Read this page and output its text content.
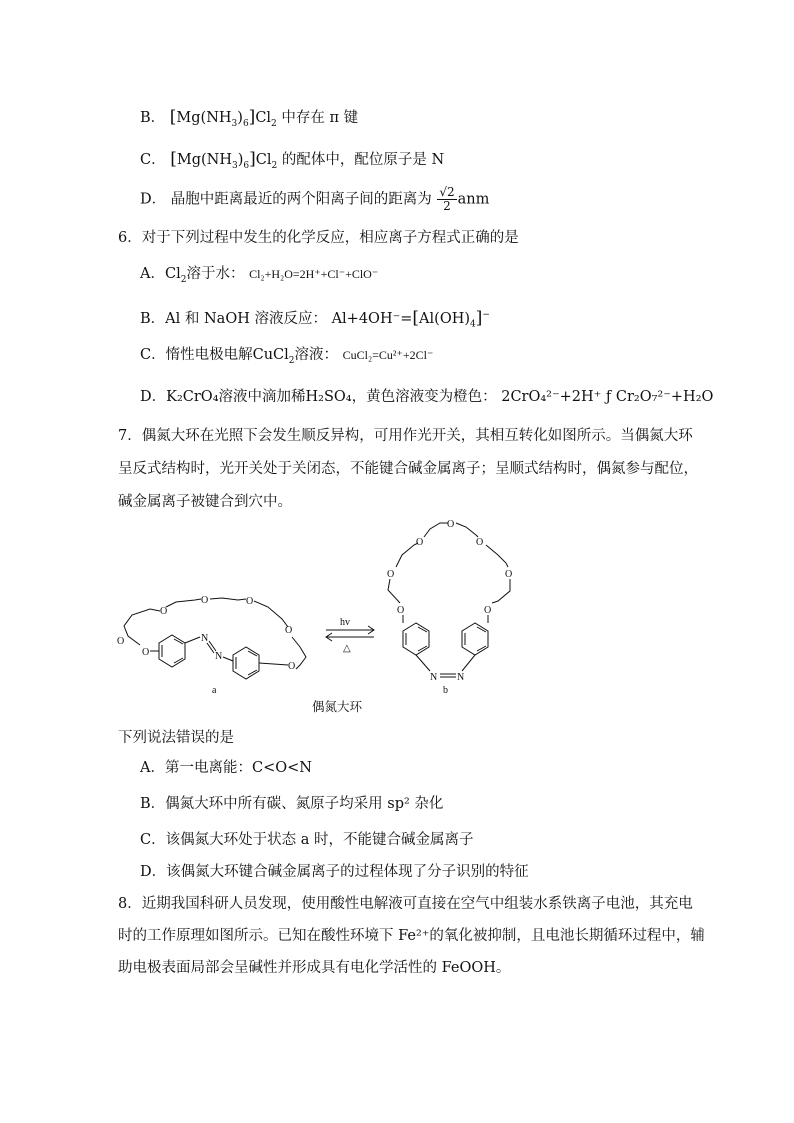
B． $[Mg(NH_3)_6]Cl_2$ 中存在 π 键
C． $[Mg(NH_3)_6]Cl_2$ 的配体中，配位原子是 N
D． 晶胞中距离最近的两个阳离子间的距离为 $\frac{√2}{2}$ anm
6．对于下列过程中发生的化学反应，相应离子方程式正确的是
A．$Cl_2$溶于水： Cl₂+H₂O=2H⁺+Cl⁻+ClO⁻
B．Al 和 NaOH 溶液反应： $Al+4OH^-=[Al(OH)_4]^-$
C．惰性电极电解CuCl$_2$溶液： CuCl₂=Cu²⁺+2Cl⁻
D．K₂CrO₄溶液中滴加稀H₂SO₄，黄色溶液变为橙色： 2CrO₄²⁻+2H⁺ ƒ Cr₂O₇²⁻+H₂O
7．偶氮大环在光照下会发生顺反异构，可用作光开关，其相互转化如图所示。当偶氮大环
呈反式结构时，光开关处于关闭态，不能键合碱金属离子；呈顺式结构时，偶氮参与配位，
碱金属离子被键合到穴中。
O
O
O
O	O
O
O
N
N
O
O
O
O
O
O
O
N N
hv
△
a	b
偶氮大环
下列说法错误的是
A．第一电离能：C<O<N
B．偶氮大环中所有碳、氮原子均采用 sp² 杂化
C．该偶氮大环处于状态 a 时，不能键合碱金属离子
D．该偶氮大环键合碱金属离子的过程体现了分子识别的特征
8．近期我国科研人员发现，使用酸性电解液可直接在空气中组装水系铁离子电池，其充电
时的工作原理如图所示。已知在酸性环境下 Fe²⁺的氧化被抑制，且电池长期循环过程中，辅
助电极表面局部会呈碱性并形成具有电化学活性的 FeOOH。
